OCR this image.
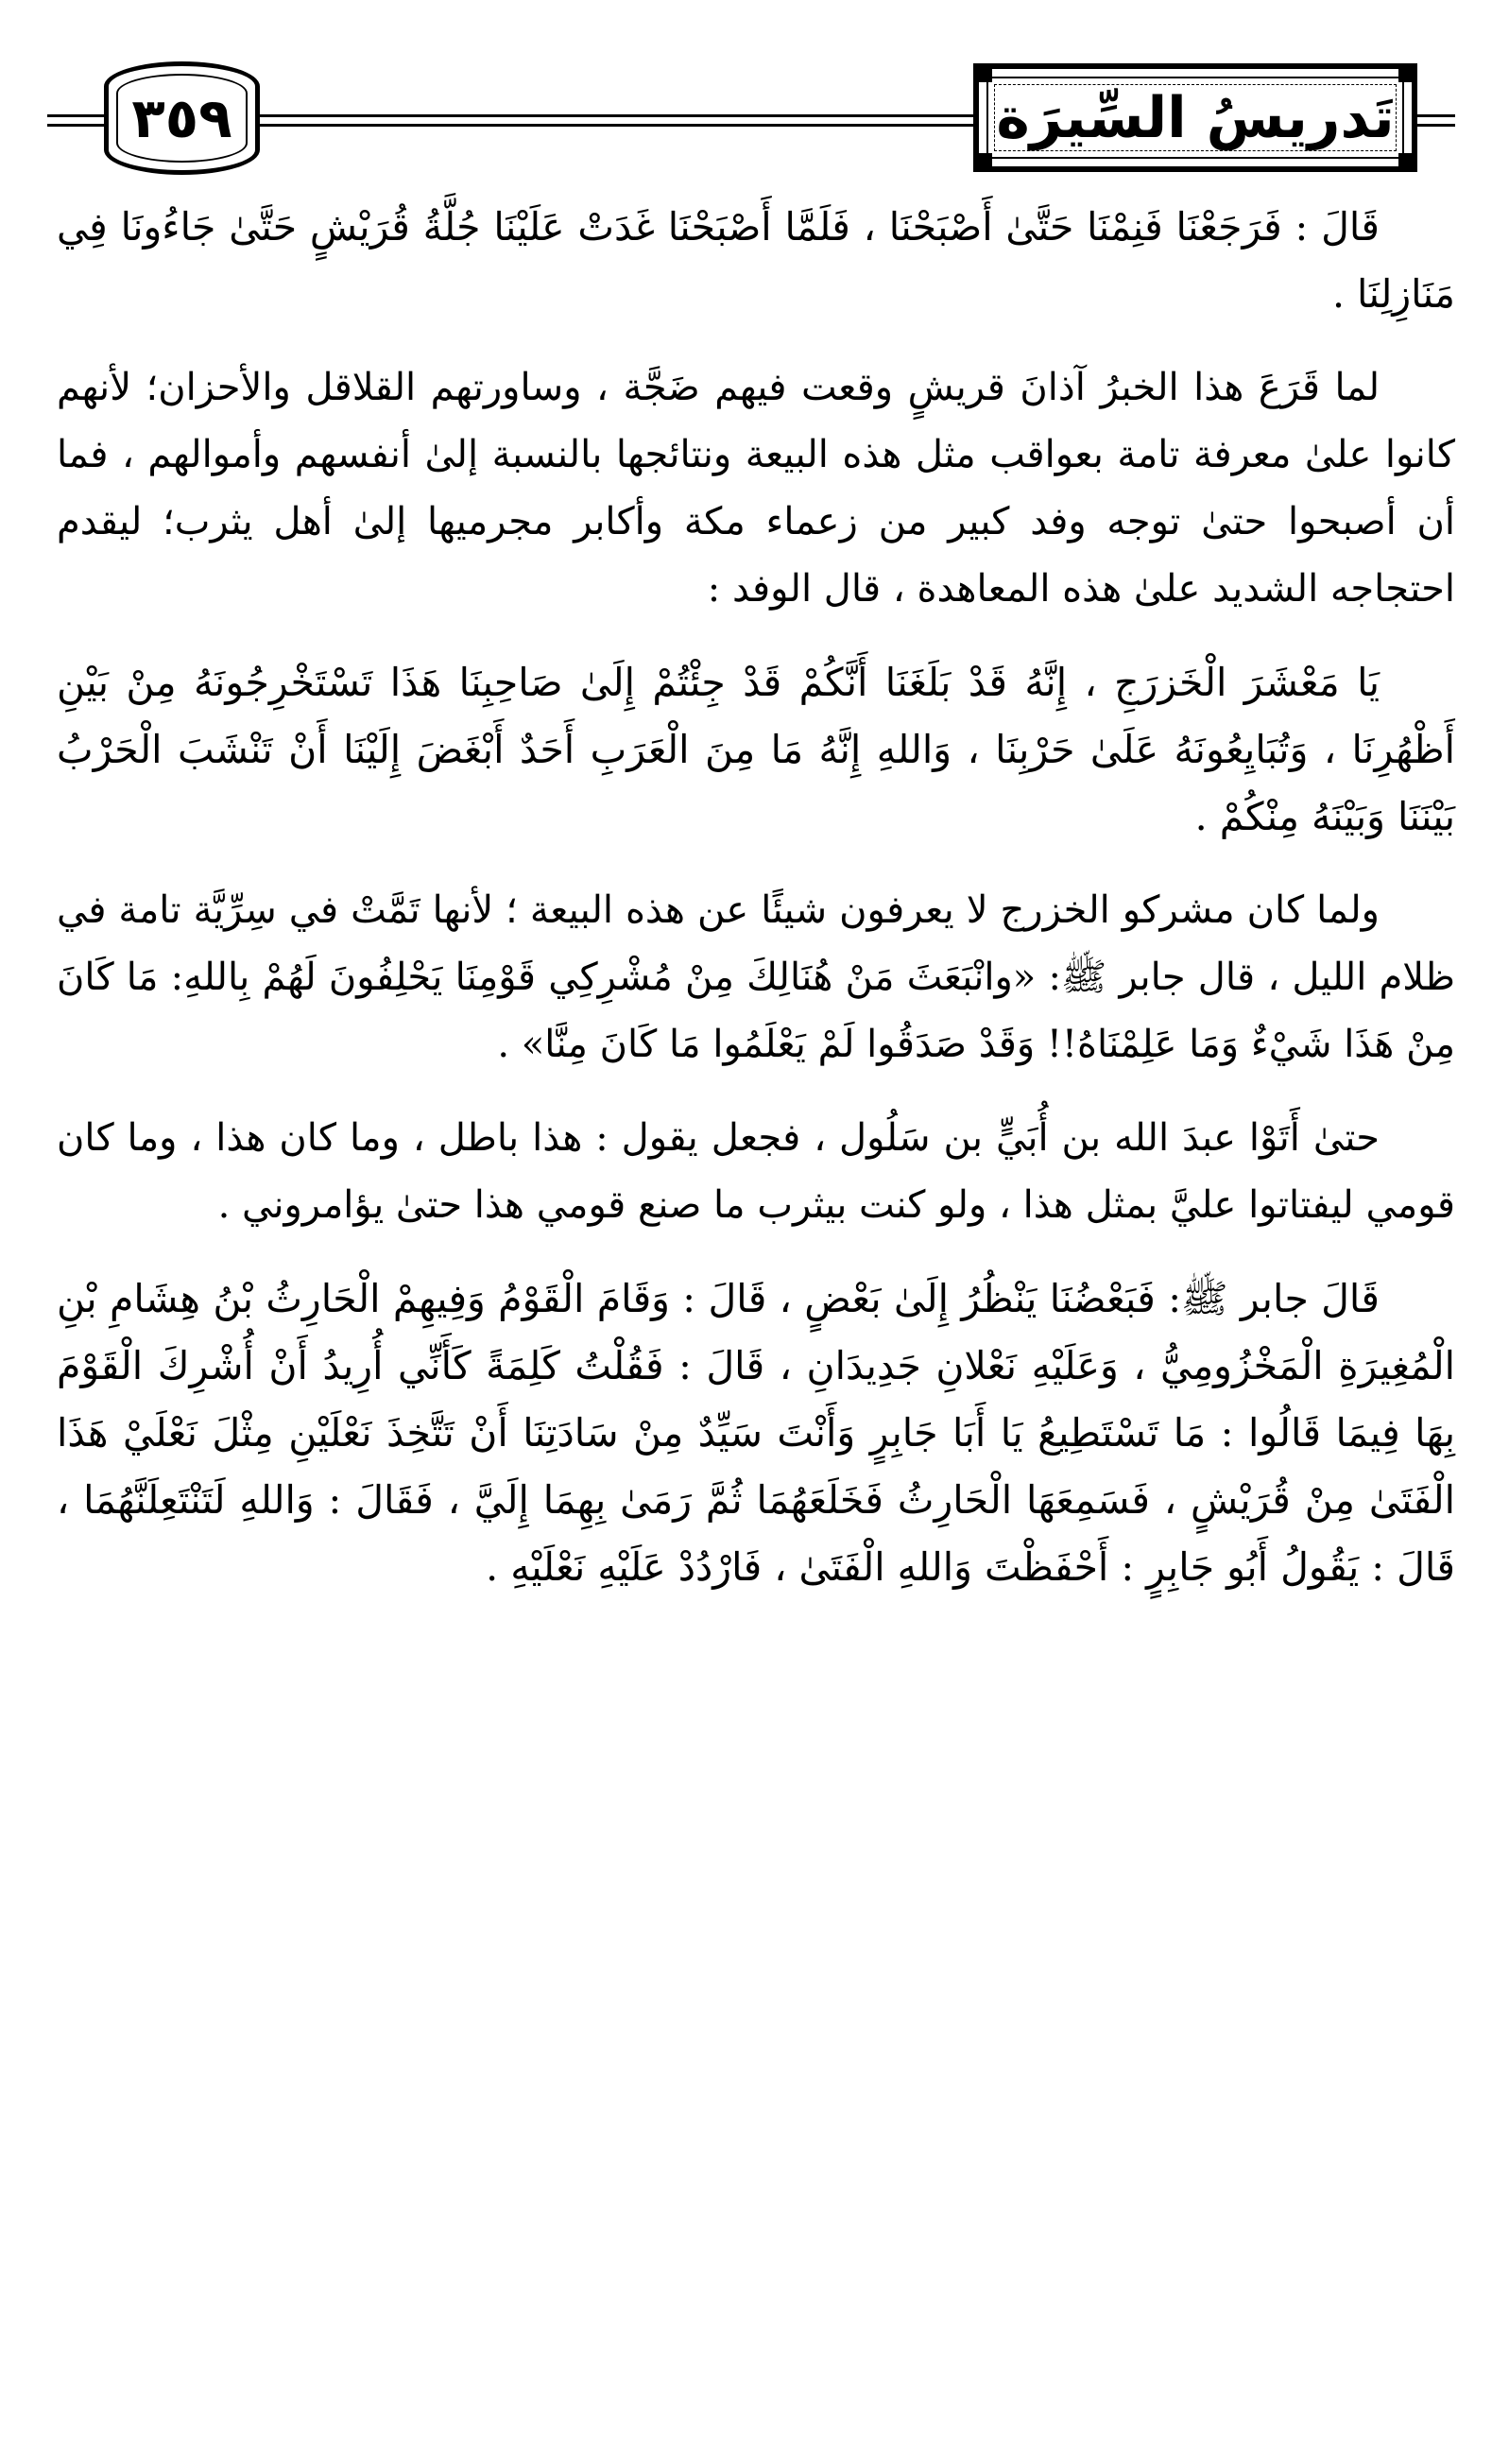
٣٥٩	تَدريسُ السِّيرَة

قَالَ : فَرَجَعْنَا فَنِمْنَا حَتَّىٰ أَصْبَحْنَا ، فَلَمَّا أَصْبَحْنَا غَدَتْ عَلَيْنَا جُلَّةُ قُرَيْشٍ حَتَّىٰ جَاءُونَا فِي مَنَازِلِنَا .

لما قَرَعَ هذا الخبرُ آذانَ قريشٍ وقعت فيهم ضَجَّة ، وساورتهم القلاقل والأحزان؛ لأنهم كانوا علىٰ معرفة تامة بعواقب مثل هذه البيعة ونتائجها بالنسبة إلىٰ أنفسهم وأموالهم ، فما أن أصبحوا حتىٰ توجه وفد كبير من زعماء مكة وأكابر مجرميها إلىٰ أهل يثرب؛ ليقدم احتجاجه الشديد علىٰ هذه المعاهدة ، قال الوفد :

يَا مَعْشَرَ الْخَزرَجِ ، إِنَّهُ قَدْ بَلَغَنَا أَنَّكُمْ قَدْ جِئْتُمْ إِلَىٰ صَاحِبِنَا هَذَا تَسْتَخْرِجُونَهُ مِنْ بَيْنِ أَظْهُرِنَا ، وَتُبَايِعُونَهُ عَلَىٰ حَرْبِنَا ، وَاللهِ إِنَّهُ مَا مِنَ الْعَرَبِ أَحَدٌ أَبْغَضَ إِلَيْنَا أَنْ تَنْشَبَ الْحَرْبُ بَيْنَنَا وَبَيْنَهُ مِنْكُمْ .

ولما كان مشركو الخزرج لا يعرفون شيئًا عن هذه البيعة ؛ لأنها تَمَّتْ في سِرِّيَّة تامة في ظلام الليل ، قال جابر ﷺ: «وانْبَعَثَ مَنْ هُنَالِكَ مِنْ مُشْرِكِي قَوْمِنَا يَحْلِفُونَ لَهُمْ بِاللهِ: مَا كَانَ مِنْ هَذَا شَيْءٌ وَمَا عَلِمْنَاهُ!! وَقَدْ صَدَقُوا لَمْ يَعْلَمُوا مَا كَانَ مِنَّا» .

حتىٰ أَتَوْا عبدَ الله بن أُبَيٍّ بن سَلُول ، فجعل يقول : هذا باطل ، وما كان هذا ، وما كان قومي ليفتاتوا عليَّ بمثل هذا ، ولو كنت بيثرب ما صنع قومي هذا حتىٰ يؤامروني .

قَالَ جابر ﷺ: فَبَعْضُنَا يَنْظُرُ إِلَىٰ بَعْضٍ ، قَالَ : وَقَامَ الْقَوْمُ وَفِيهِمْ الْحَارِثُ بْنُ هِشَامِ بْنِ الْمُغِيرَةِ الْمَخْزُومِيُّ ، وَعَلَيْهِ نَعْلانِ جَدِيدَانِ ، قَالَ : فَقُلْتُ كَلِمَةً كَأَنِّي أُرِيدُ أَنْ أُشْرِكَ الْقَوْمَ بِهَا فِيمَا قَالُوا : مَا تَسْتَطِيعُ يَا أَبَا جَابِرٍ وَأَنْتَ سَيِّدٌ مِنْ سَادَتِنَا أَنْ تَتَّخِذَ نَعْلَيْنِ مِثْلَ نَعْلَيْ هَذَا الْفَتَىٰ مِنْ قُرَيْشٍ ، فَسَمِعَهَا الْحَارِثُ فَخَلَعَهُمَا ثُمَّ رَمَىٰ بِهِمَا إِلَيَّ ، فَقَالَ : وَاللهِ لَتَنْتَعِلَنَّهُمَا ، قَالَ : يَقُولُ أَبُو جَابِرٍ : أَحْفَظْتَ وَاللهِ الْفَتَىٰ ، فَارْدُدْ عَلَيْهِ نَعْلَيْهِ .
